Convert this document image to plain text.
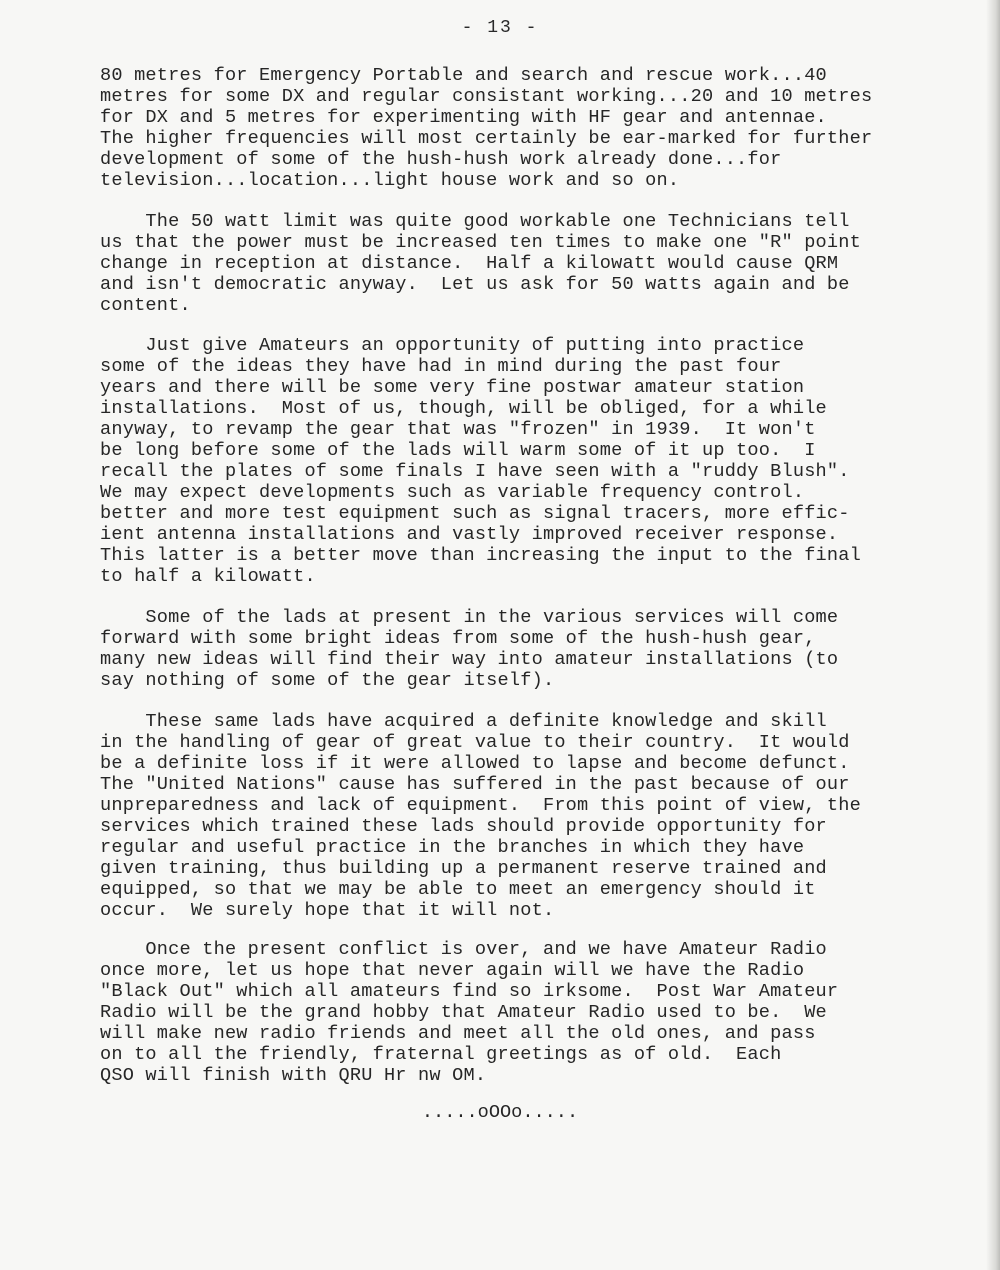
- 13 -
80 metres for Emergency Portable and search and rescue work...40
metres for some DX and regular consistant working...20 and 10 metres
for DX and 5 metres for experimenting with HF gear and antennae.
The higher frequencies will most certainly be ear-marked for further
development of some of the hush-hush work already done...for
television...location...light house work and so on.
The 50 watt limit was quite good workable one Technicians tell
us that the power must be increased ten times to make one "R" point
change in reception at distance.  Half a kilowatt would cause QRM
and isn't democratic anyway.  Let us ask for 50 watts again and be
content.
Just give Amateurs an opportunity of putting into practice
some of the ideas they have had in mind during the past four
years and there will be some very fine postwar amateur station
installations.  Most of us, though, will be obliged, for a while
anyway, to revamp the gear that was "frozen" in 1939.  It won't
be long before some of the lads will warm some of it up too.  I
recall the plates of some finals I have seen with a "ruddy Blush".
We may expect developments such as variable frequency control.
better and more test equipment such as signal tracers, more effic-
ient antenna installations and vastly improved receiver response.
This latter is a better move than increasing the input to the final
to half a kilowatt.
Some of the lads at present in the various services will come
forward with some bright ideas from some of the hush-hush gear,
many new ideas will find their way into amateur installations (to
say nothing of some of the gear itself).
These same lads have acquired a definite knowledge and skill
in the handling of gear of great value to their country.  It would
be a definite loss if it were allowed to lapse and become defunct.
The "United Nations" cause has suffered in the past because of our
unpreparedness and lack of equipment.  From this point of view, the
services which trained these lads should provide opportunity for
regular and useful practice in the branches in which they have
given training, thus building up a permanent reserve trained and
equipped, so that we may be able to meet an emergency should it
occur.  We surely hope that it will not.
Once the present conflict is over, and we have Amateur Radio
once more, let us hope that never again will we have the Radio
"Black Out" which all amateurs find so irksome.  Post War Amateur
Radio will be the grand hobby that Amateur Radio used to be.  We
will make new radio friends and meet all the old ones, and pass
on to all the friendly, fraternal greetings as of old.  Each
QSO will finish with QRU Hr nw OM.
.....oOOo.....
